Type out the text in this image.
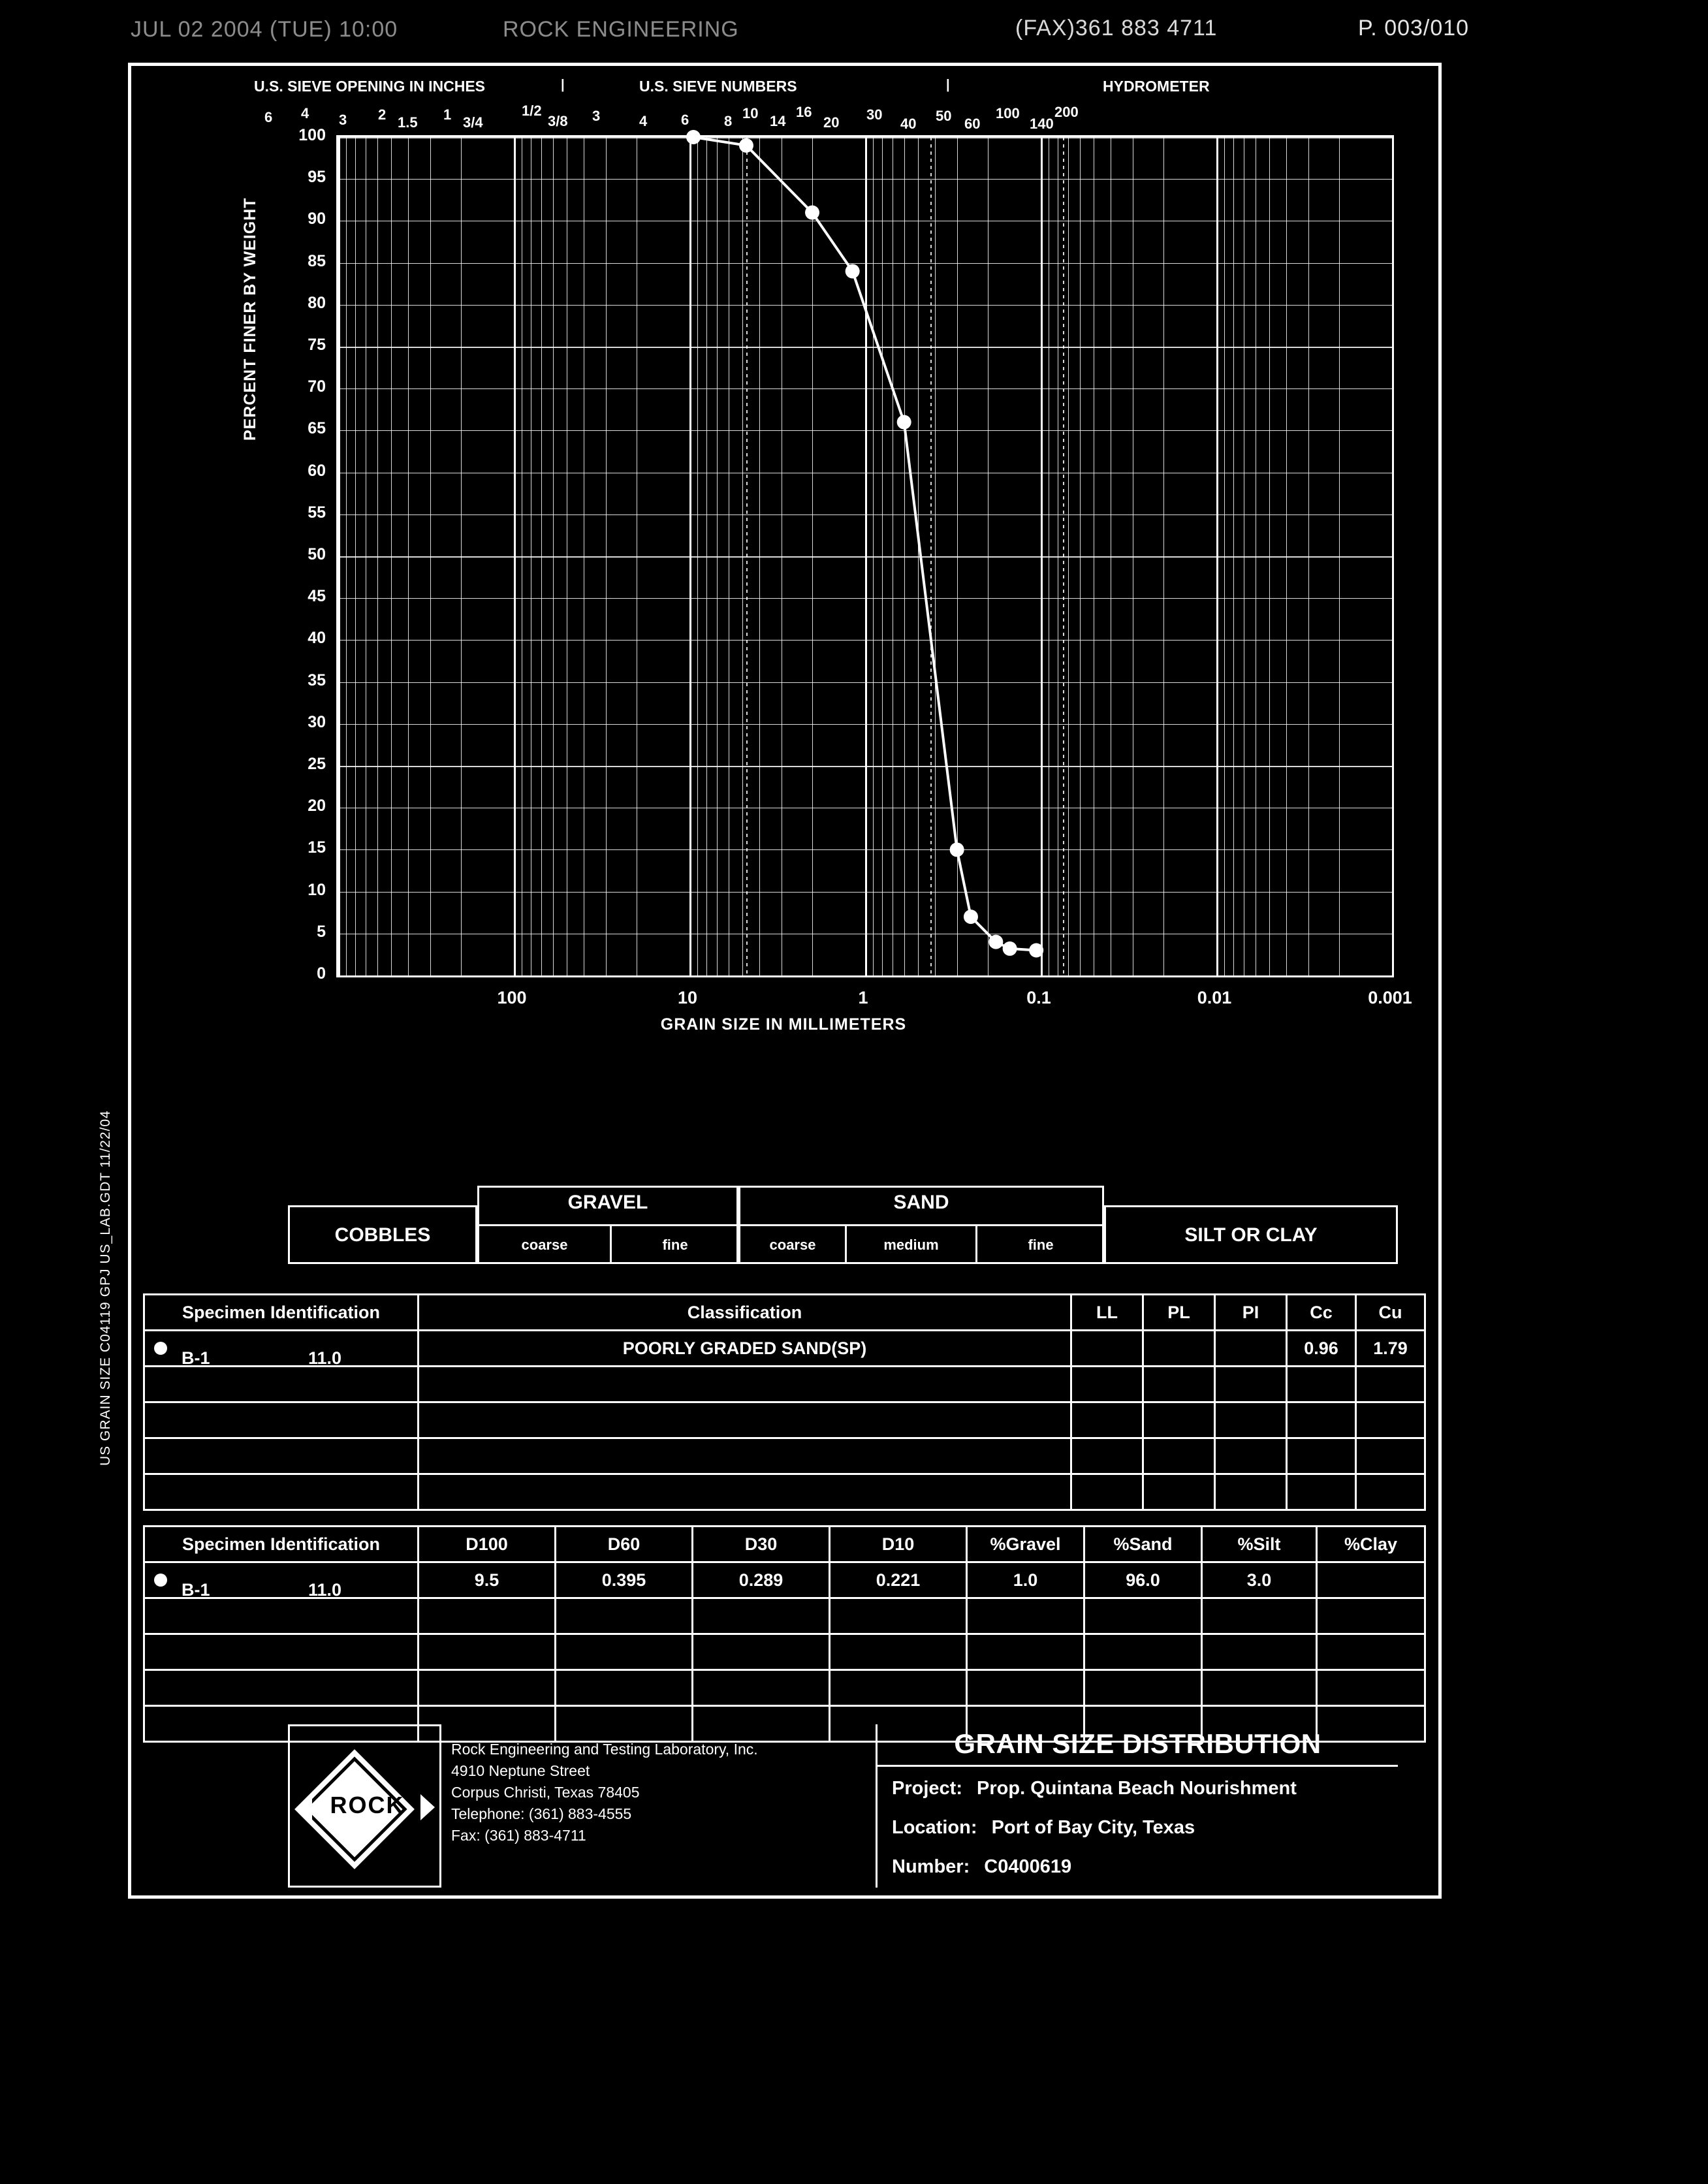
JUL 02 2004 (TUE) 10:00	ROCK ENGINEERING	(FAX)361 883 4711	P. 003/010
US GRAIN SIZE C04119 GPJ US_LAB.GDT 11/22/04
U.S. SIEVE OPENING IN INCHES	|	U.S. SIEVE NUMBERS	|	HYDROMETER
6 4 3 2 1.5 1 3/4
1/2
3/8 3	4 6 8 10 14
16
20 30
40 50 60
100
140
200
PERCENT FINER BY WEIGHT
0
5
10
15
20
25
30
35
40
45
50
55
60
65
70
75
80
85
90
95
100
100	10	1	0.1	0.01	0.001
GRAIN SIZE IN MILLIMETERS
COBBLES
GRAVEL
coarse	fine
SAND
coarse	medium	fine	SILT OR CLAY
Specimen Identification	Classification	LL	PL	PI	Cc	Cu

B-1 11.0	POORLY GRADED SAND(SP)				0.96	1.79

Specimen Identification	D100	D60	D30	D10	%Gravel	%Sand	%Silt	%Clay

B-1 11.0	9.5	0.395	0.289	0.221	1.0	96.0	3.0	

ROCK
Rock Engineering and Testing Laboratory, Inc.
4910 Neptune Street
Corpus Christi, Texas 78405
Telephone: (361) 883-4555
Fax: (361) 883-4711
GRAIN SIZE DISTRIBUTION
Project: Prop. Quintana Beach Nourishment
Location: Port of Bay City, Texas
Number: C0400619
